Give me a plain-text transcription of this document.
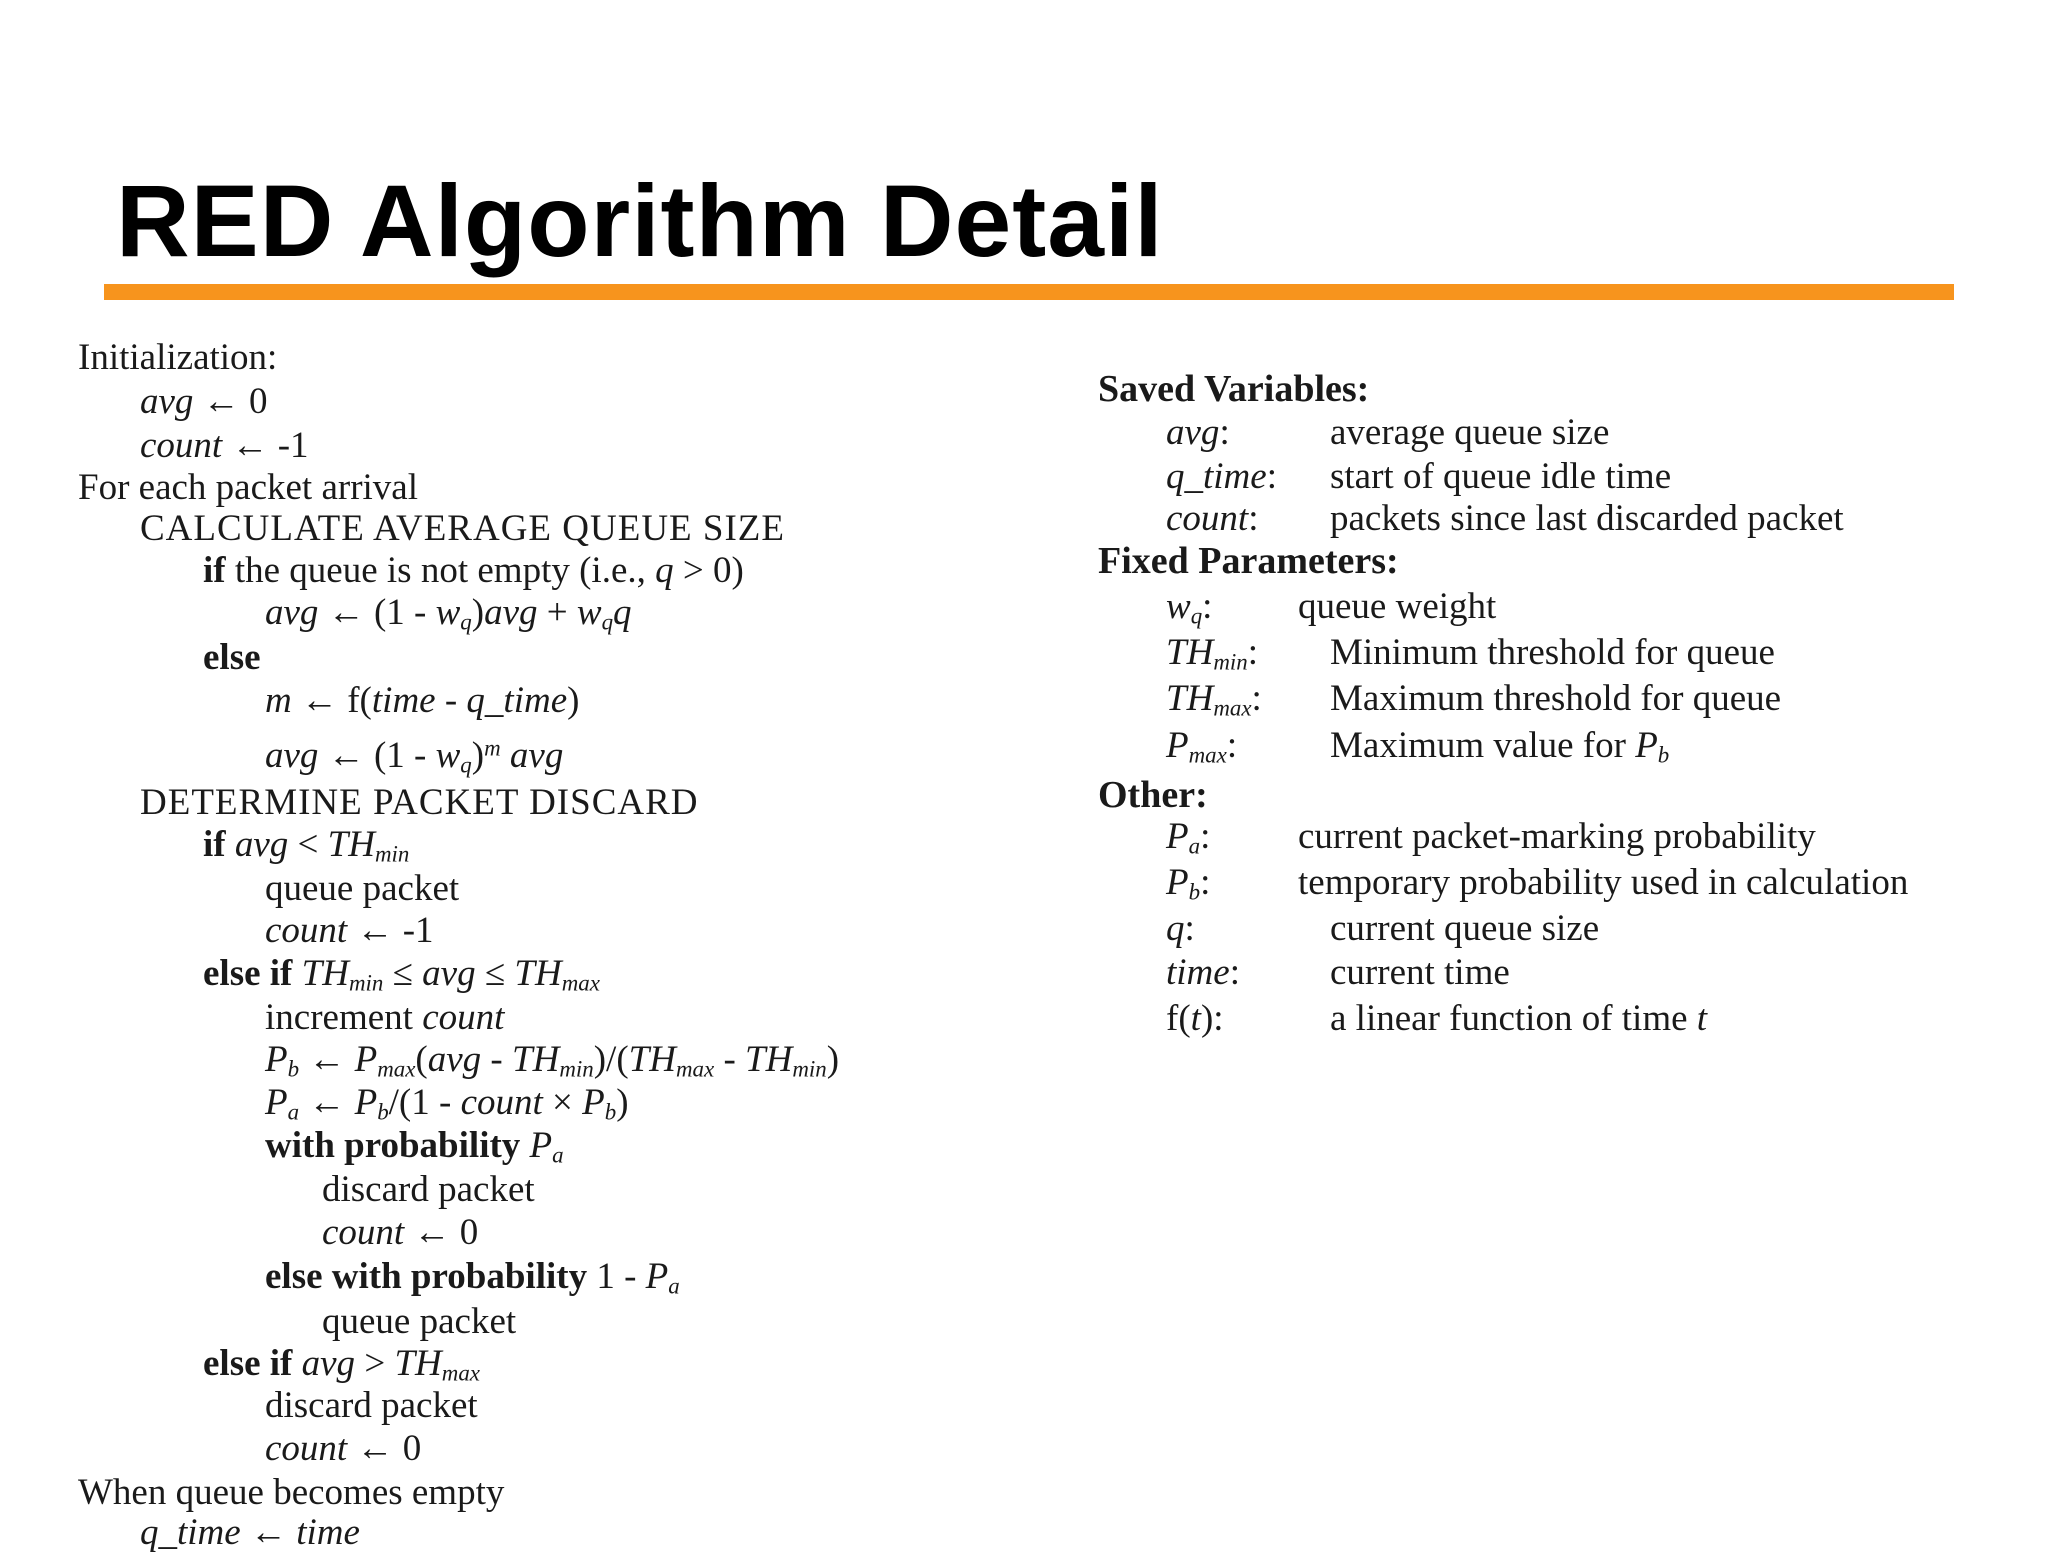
RED Algorithm Detail
Initialization:
avg ← 0
count ← -1
For each packet arrival
CALCULATE AVERAGE QUEUE SIZE
if the queue is not empty (i.e., q > 0)
avg ← $(1 - w_q)avg + w_qq$
else
m ← f(time - q_time)
avg ← $(1 - w_q)^m$ avg
DETERMINE PACKET DISCARD
if avg < $TH_{min}$
queue packet
count ← -1
else if $TH_{min}$ ≤ avg ≤ $TH_{max}$
increment count
$P_b$ ← $P_{max}(avg - TH_{min})/(TH_{max} - TH_{min})$
$P_a$ ← $P_b/(1$ - count × $P_b$)
with probability $P_a$
discard packet
count ← 0
else with probability $1 - P_a$
queue packet
else if avg > $TH_{max}$
discard packet
count ← 0
When queue becomes empty
q_time ← time
Saved Variables:
avg:	average queue size
q_time: start of queue idle time
count: packets since last discarded packet
Fixed Parameters:
$w_q$: queue weight
$TH_{min}$: Minimum threshold for queue
$TH_{max}$: Maximum threshold for queue
$P_{max}$:	Maximum value for $P_b$
Other:
$P_a$: current packet-marking probability
$P_b$: temporary probability used in calculation
q:	current queue size
time: current time
f(t):	a linear function of time t
